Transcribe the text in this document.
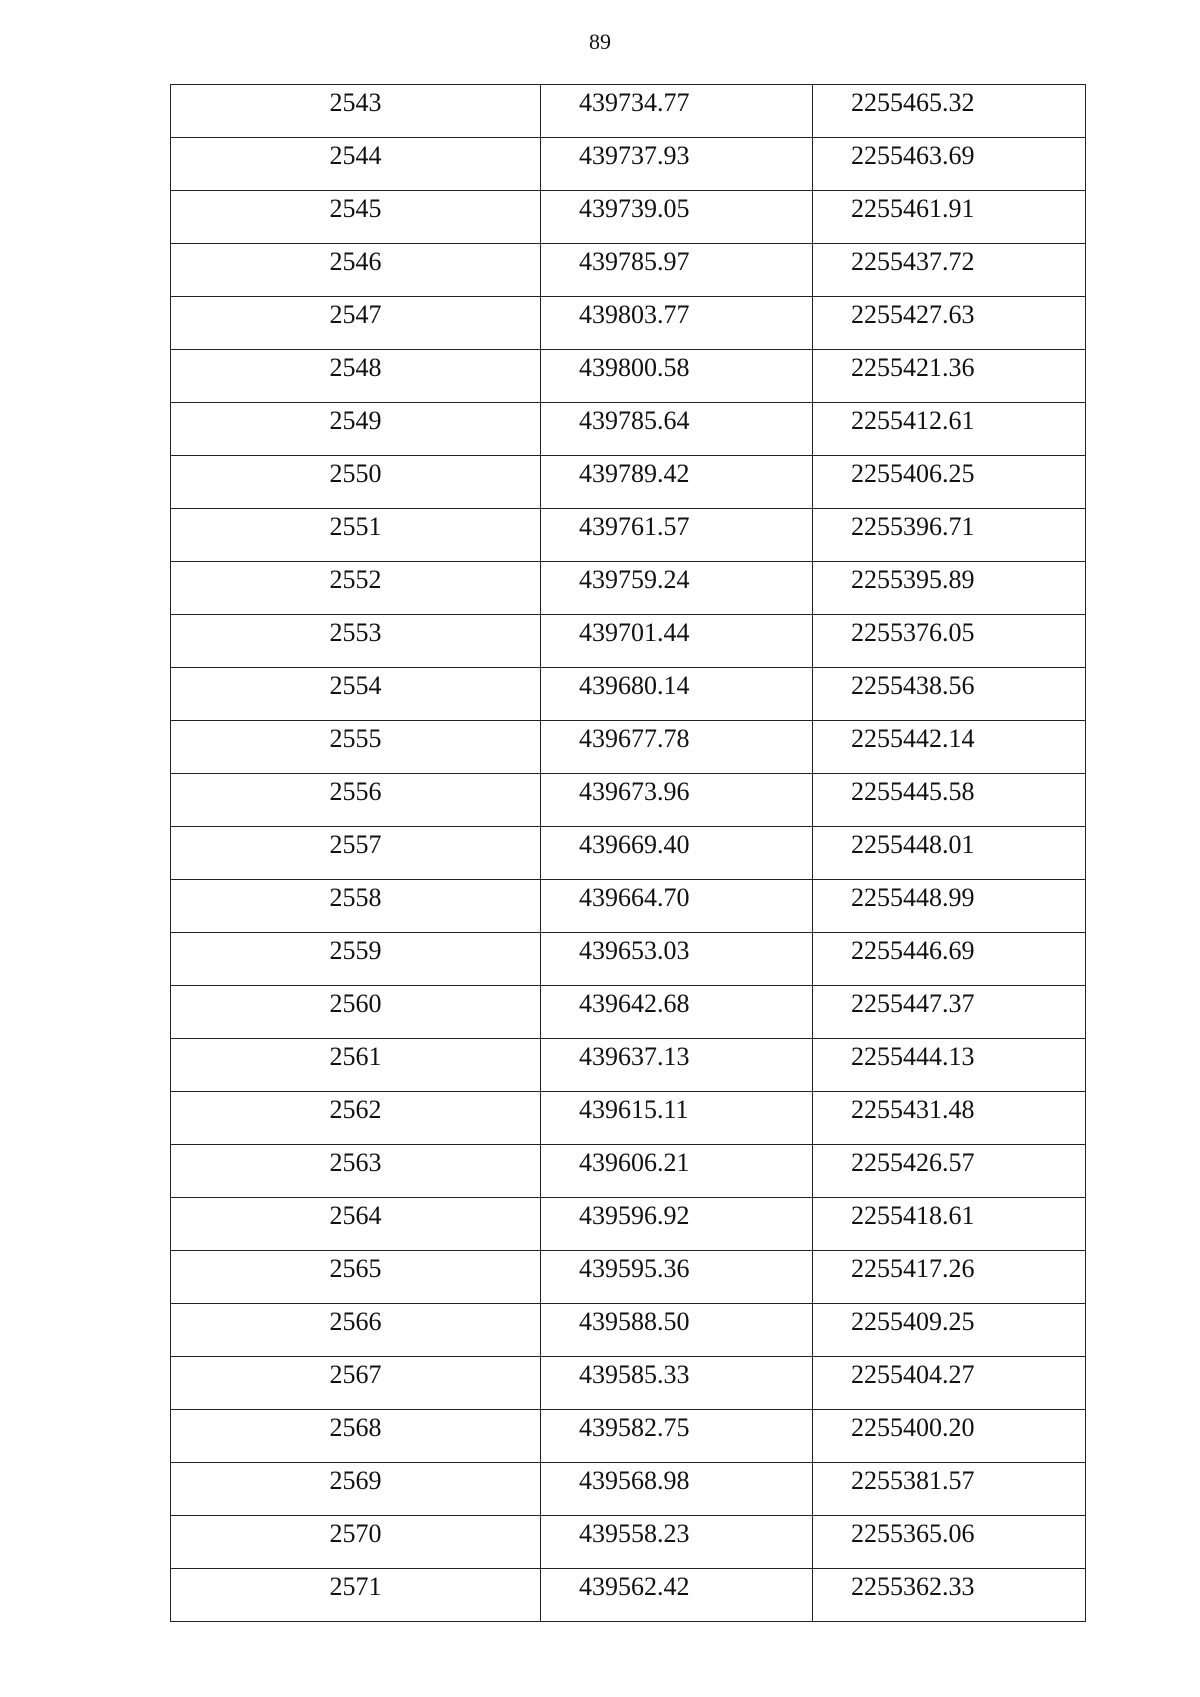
89
2543	439734.77	2255465.32

2544	439737.93	2255463.69

2545	439739.05	2255461.91

2546	439785.97	2255437.72

2547	439803.77	2255427.63

2548	439800.58	2255421.36

2549	439785.64	2255412.61

2550	439789.42	2255406.25

2551	439761.57	2255396.71

2552	439759.24	2255395.89

2553	439701.44	2255376.05

2554	439680.14	2255438.56

2555	439677.78	2255442.14

2556	439673.96	2255445.58

2557	439669.40	2255448.01

2558	439664.70	2255448.99

2559	439653.03	2255446.69

2560	439642.68	2255447.37

2561	439637.13	2255444.13

2562	439615.11	2255431.48

2563	439606.21	2255426.57

2564	439596.92	2255418.61

2565	439595.36	2255417.26

2566	439588.50	2255409.25

2567	439585.33	2255404.27

2568	439582.75	2255400.20

2569	439568.98	2255381.57

2570	439558.23	2255365.06

2571	439562.42	2255362.33
